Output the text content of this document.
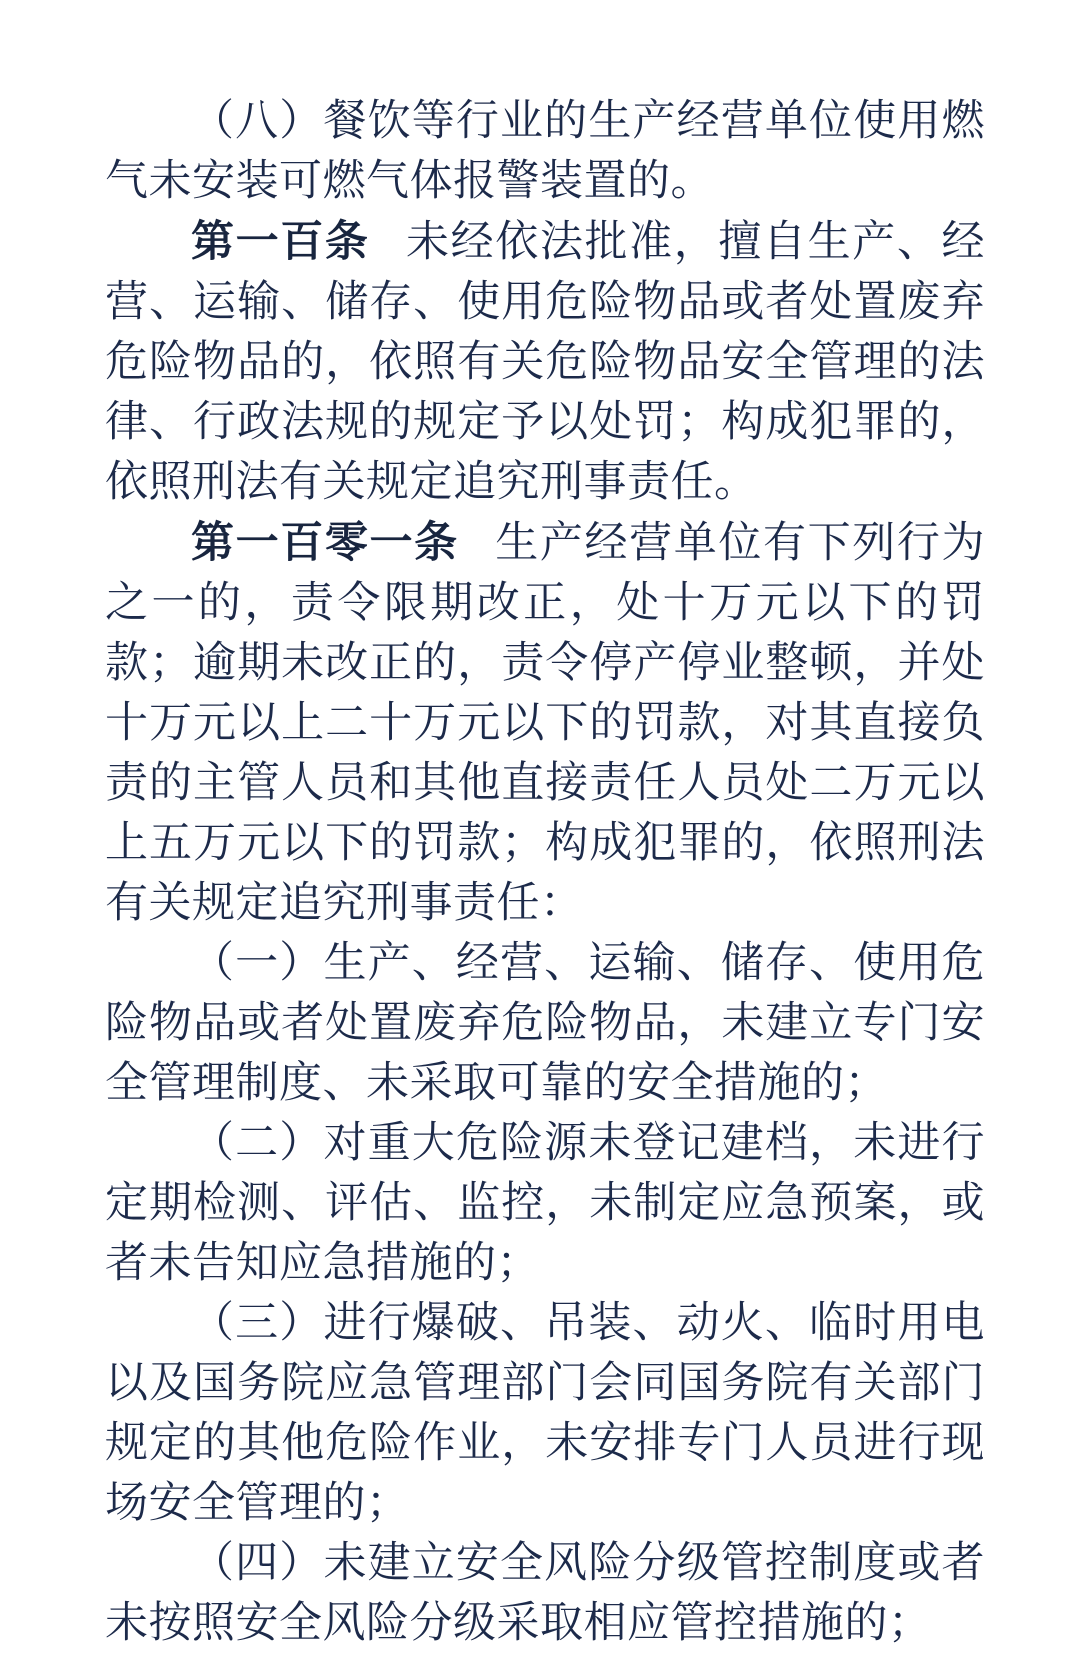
（八）餐饮等行业的生产经营单位使用燃气未安装可燃气体报警装置的。

第一百条 未经依法批准，擅自生产、经营、运输、储存、使用危险物品或者处置废弃危险物品的，依照有关危险物品安全管理的法律、行政法规的规定予以处罚；构成犯罪的，依照刑法有关规定追究刑事责任。

第一百零一条 生产经营单位有下列行为之一的，责令限期改正，处十万元以下的罚款；逾期未改正的，责令停产停业整顿，并处十万元以上二十万元以下的罚款，对其直接负责的主管人员和其他直接责任人员处二万元以上五万元以下的罚款；构成犯罪的，依照刑法有关规定追究刑事责任：

（一）生产、经营、运输、储存、使用危险物品或者处置废弃危险物品，未建立专门安全管理制度、未采取可靠的安全措施的；

（二）对重大危险源未登记建档，未进行定期检测、评估、监控，未制定应急预案，或者未告知应急措施的；

（三）进行爆破、吊装、动火、临时用电以及国务院应急管理部门会同国务院有关部门规定的其他危险作业，未安排专门人员进行现场安全管理的；

（四）未建立安全风险分级管控制度或者未按照安全风险分级采取相应管控措施的；
